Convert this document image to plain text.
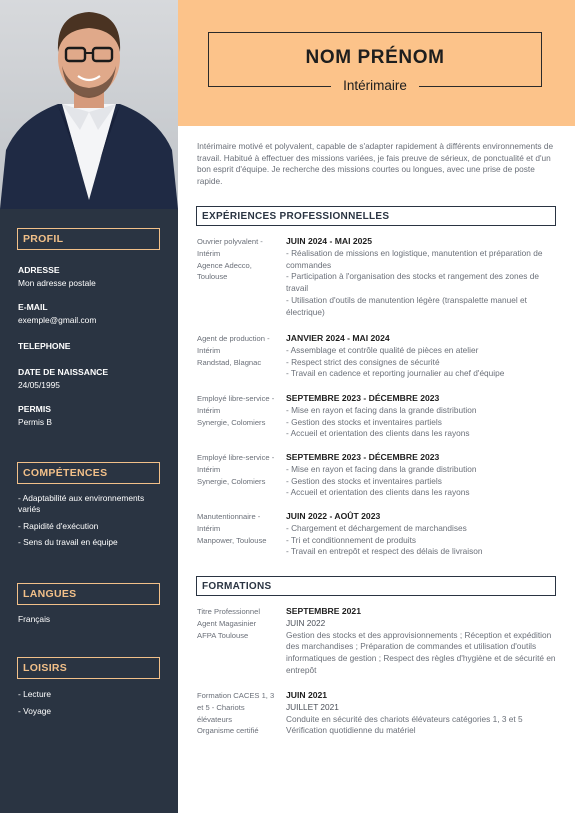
PROFIL
ADRESSE
Mon adresse postale
E-MAIL
exemple@gmail.com
TELEPHONE
DATE DE NAISSANCE
24/05/1995
PERMIS
Permis B
COMPÉTENCES
- Adaptabilité aux environnements variés
- Rapidité d'exécution
- Sens du travail en équipe
LANGUES
Français
LOISIRS
- Lecture
- Voyage
NOM PRÉNOM
Intérimaire
Intérimaire motivé et polyvalent, capable de s'adapter rapidement à différents environnements de travail. Habitué à effectuer des missions variées, je fais preuve de sérieux, de ponctualité et d'un bon esprit d'équipe. Je recherche des missions courtes ou longues, avec une prise de poste rapide.
EXPÉRIENCES PROFESSIONNELLES
Ouvrier polyvalent - Intérim
Agence Adecco, Toulouse
JUIN 2024 - MAI 2025
- Réalisation de missions en logistique, manutention et préparation de commandes
- Participation à l'organisation des stocks et rangement des zones de travail
- Utilisation d'outils de manutention légère (transpalette manuel et électrique)
Agent de production - Intérim
Randstad, Blagnac
JANVIER 2024 - MAI 2024
- Assemblage et contrôle qualité de pièces en atelier
- Respect strict des consignes de sécurité
- Travail en cadence et reporting journalier au chef d'équipe
Employé libre-service - Intérim
Synergie, Colomiers
SEPTEMBRE 2023 - DÉCEMBRE 2023
- Mise en rayon et facing dans la grande distribution
- Gestion des stocks et inventaires partiels
- Accueil et orientation des clients dans les rayons
Employé libre-service - Intérim
Synergie, Colomiers
SEPTEMBRE 2023 - DÉCEMBRE 2023
- Mise en rayon et facing dans la grande distribution
- Gestion des stocks et inventaires partiels
- Accueil et orientation des clients dans les rayons
Manutentionnaire - Intérim
Manpower, Toulouse
JUIN 2022 - AOÛT 2023
- Chargement et déchargement de marchandises
- Tri et conditionnement de produits
- Travail en entrepôt et respect des délais de livraison
FORMATIONS
Titre Professionnel
Agent Magasinier
AFPA Toulouse
SEPTEMBRE 2021
JUIN 2022
Gestion des stocks et des approvisionnements ; Réception et expédition des marchandises ; Préparation de commandes et utilisation d'outils informatiques de gestion ; Respect des règles d'hygiène et de sécurité en entrepôt
Formation CACES 1, 3
et 5 - Chariots
élévateurs
Organisme certifié
JUIN 2021
JUILLET 2021
Conduite en sécurité des chariots élévateurs catégories 1, 3 et 5 Vérification quotidienne du matériel
